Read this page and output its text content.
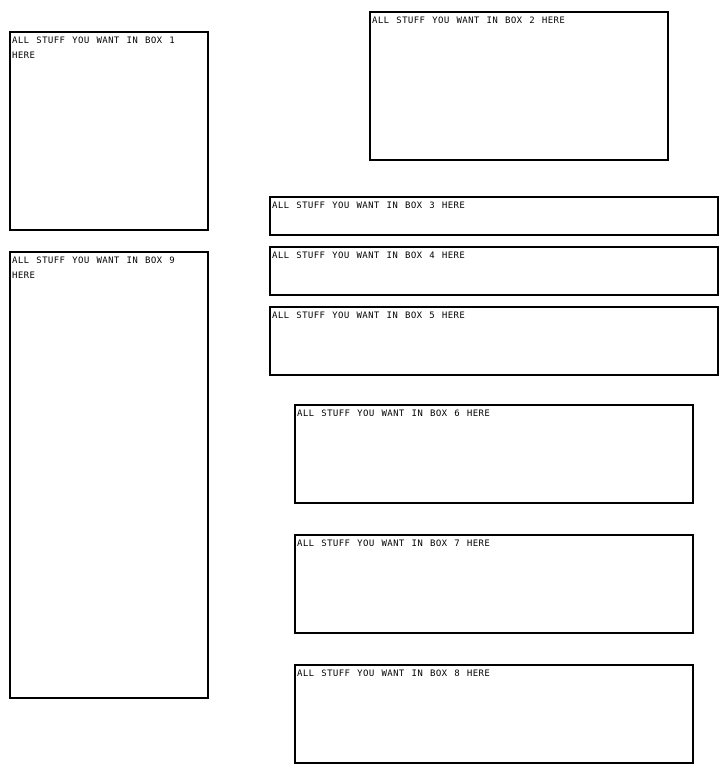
ALL STUFF YOU WANT IN BOX 1 HERE
ALL STUFF YOU WANT IN BOX 2 HERE
ALL STUFF YOU WANT IN BOX 3 HERE
ALL STUFF YOU WANT IN BOX 4 HERE
ALL STUFF YOU WANT IN BOX 5 HERE
ALL STUFF YOU WANT IN BOX 6 HERE
ALL STUFF YOU WANT IN BOX 7 HERE
ALL STUFF YOU WANT IN BOX 8 HERE
ALL STUFF YOU WANT IN BOX 9 HERE
